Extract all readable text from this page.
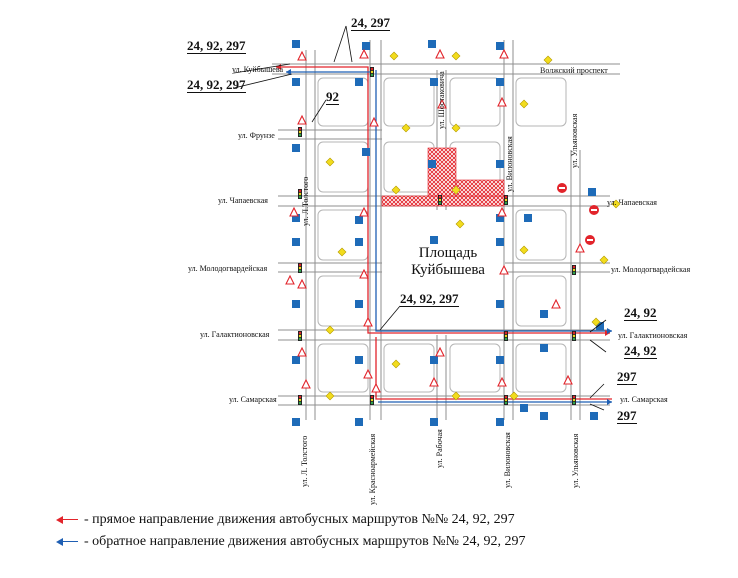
ул. Куйбышева	Волжский проспект
ул. Фрунзе
ул. Чапаевская	ул. Чапаевская
ул. Молодогвардейская	ул. Молодогвардейская
ул. Галактионовская	ул. Галактионовская
ул. Самарская	ул. Самарская
ул. Л. Толстого
ул. Л.Толстого
ул. Красноармейская	ул. Рабочая	ул. Вилоновская
ул. Вилоновская
ул. Ульяновская
ул. Ульяновская
ул. Шостаковича
Площадь Куйбышева
24, 297
24, 92, 297
24, 92, 297
92
24, 92, 297
24, 92
24, 92
297
297
- прямое направление движения автобусных маршрутов №№ 24, 92, 297
- обратное направление движения автобусных маршрутов №№ 24, 92, 297
